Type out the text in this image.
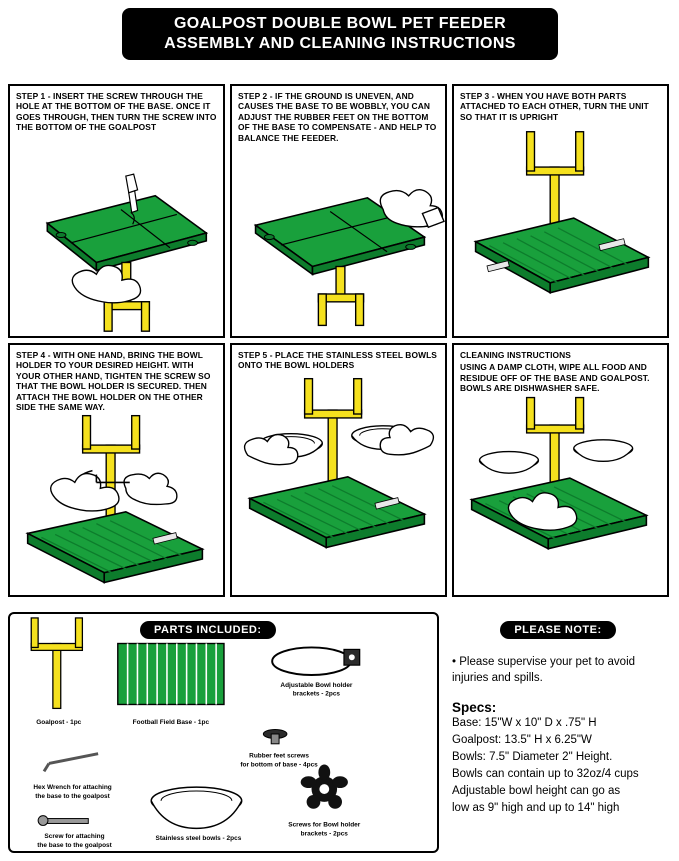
GOALPOST DOUBLE BOWL PET FEEDER
ASSEMBLY AND CLEANING INSTRUCTIONS
STEP 1 - INSERT THE SCREW THROUGH THE HOLE AT THE BOTTOM OF THE BASE. ONCE IT GOES THROUGH, THEN TURN THE SCREW INTO THE BOTTOM OF THE GOALPOST
STEP 2 - IF THE GROUND IS UNEVEN, AND CAUSES THE BASE TO BE WOBBLY, YOU CAN ADJUST THE RUBBER FEET ON THE BOTTOM OF THE BASE TO COMPENSATE - AND HELP TO BALANCE THE FEEDER.
STEP 3 - WHEN YOU HAVE BOTH PARTS ATTACHED TO EACH OTHER, TURN THE UNIT SO THAT IT IS UPRIGHT
STEP 4 - WITH ONE HAND, BRING THE BOWL HOLDER TO YOUR DESIRED HEIGHT. WITH YOUR OTHER HAND, TIGHTEN THE SCREW SO THAT THE BOWL HOLDER IS SECURED. THEN ATTACH THE BOWL HOLDER ON THE OTHER SIDE THE SAME WAY.
STEP 5 - PLACE THE STAINLESS STEEL BOWLS ONTO THE BOWL HOLDERS
CLEANING INSTRUCTIONS
USING A DAMP CLOTH, WIPE ALL FOOD AND RESIDUE OFF OF THE BASE AND GOALPOST. BOWLS ARE DISHWASHER SAFE.
PARTS INCLUDED:
Goalpost - 1pc	Football Field Base - 1pc
Adjustable Bowl holder
brackets - 2pcs
Rubber feet screws
for bottom of base - 4pcs
Hex Wrench for attaching
the base to the goalpost
Screw for attaching
the base to the goalpost
Stainless steel bowls - 2pcs
Screws for Bowl holder
brackets - 2pcs
PLEASE NOTE:
• Please supervise your pet to avoid injuries and spills.
Specs:
Base: 15"W x 10" D x .75" H
Goalpost: 13.5" H x 6.25"W
Bowls: 7.5" Diameter 2" Height.
Bowls can contain up to 32oz/4 cups
Adjustable bowl height can go as
low as 9" high and up to 14" high
